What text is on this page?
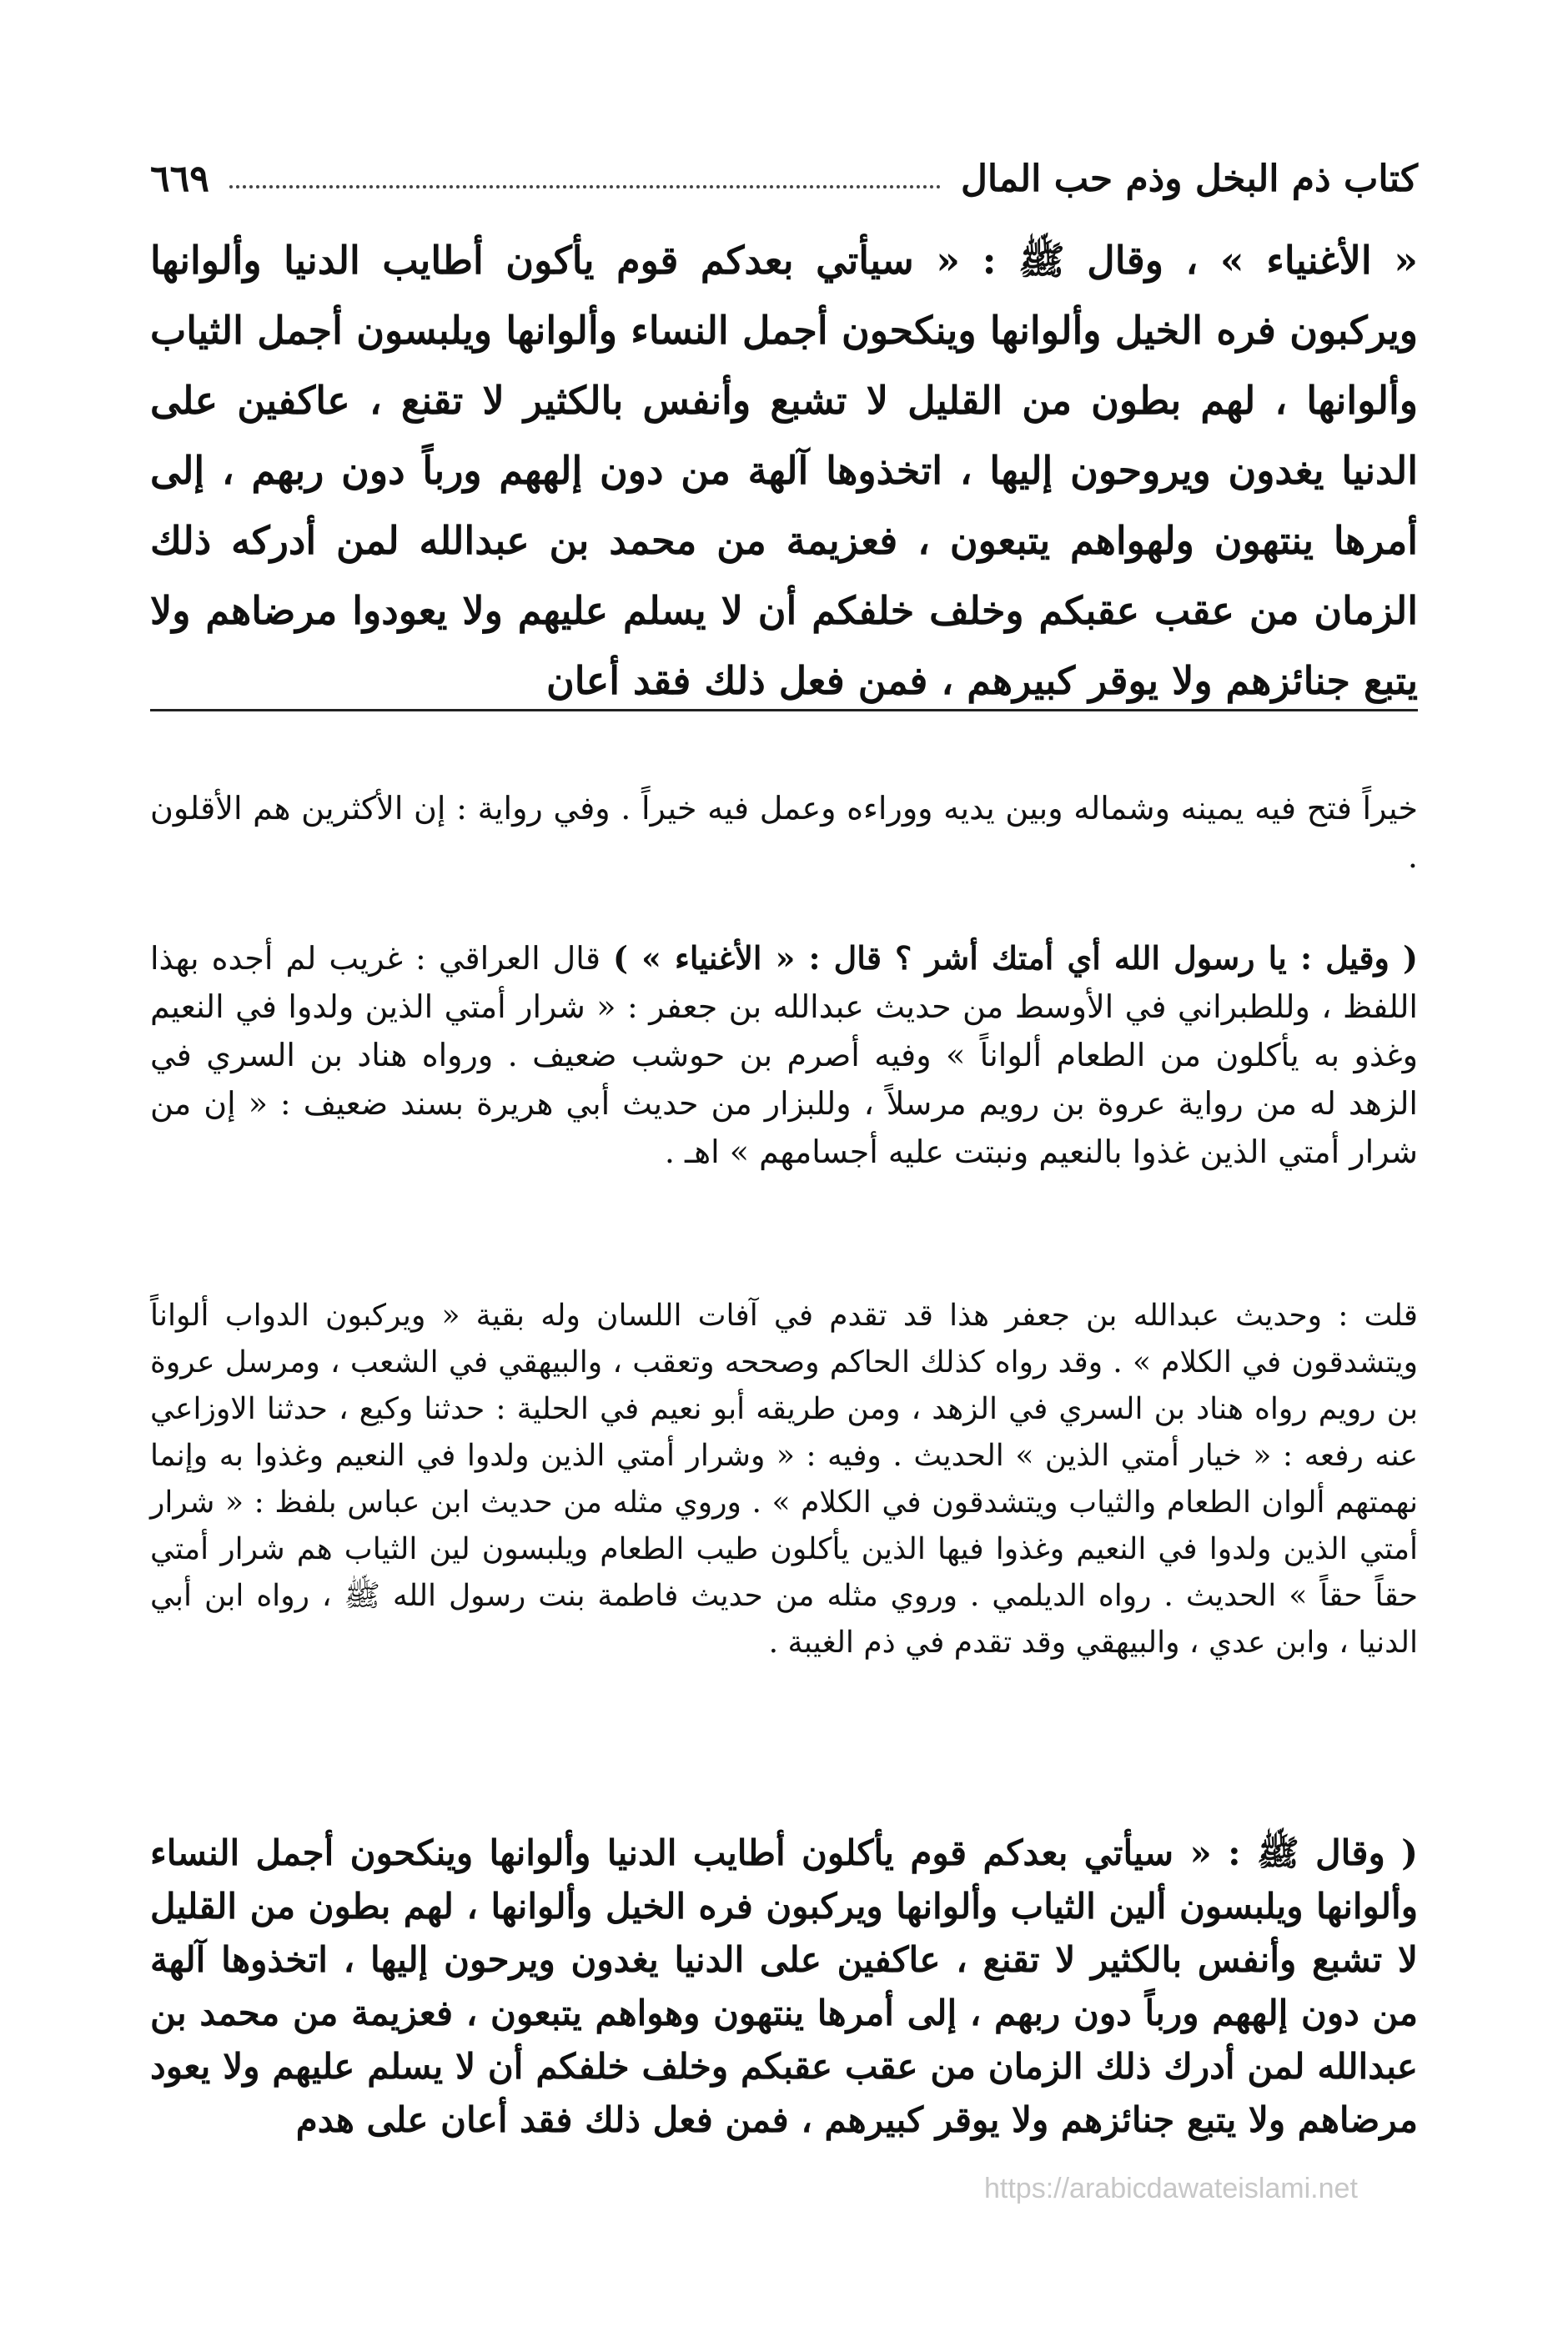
كتاب ذم البخل وذم حب المال
٦٦٩

« الأغنياء » ، وقال ﷺ : « سيأتي بعدكم قوم يأكون أطايب الدنيا وألوانها ويركبون فره الخيل وألوانها وينكحون أجمل النساء وألوانها ويلبسون أجمل الثياب وألوانها ، لهم بطون من القليل لا تشبع وأنفس بالكثير لا تقنع ، عاكفين على الدنيا يغدون ويروحون إليها ، اتخذوها آلهة من دون إلههم ورباً دون ربهم ، إلى أمرها ينتهون ولهواهم يتبعون ، فعزيمة من محمد بن عبدالله لمن أدركه ذلك الزمان من عقب عقبكم وخلف خلفكم أن لا يسلم عليهم ولا يعودوا مرضاهم ولا يتبع جنائزهم ولا يوقر كبيرهم ، فمن فعل ذلك فقد أعان

خيراً فتح فيه يمينه وشماله وبين يديه ووراءه وعمل فيه خيراً . وفي رواية : إن الأكثرين هم الأقلون .

( وقيل : يا رسول الله أي أمتك أشر ؟ قال : « الأغنياء » ) قال العراقي : غريب لم أجده بهذا اللفظ ، وللطبراني في الأوسط من حديث عبدالله بن جعفر : « شرار أمتي الذين ولدوا في النعيم وغذو به يأكلون من الطعام ألواناً » وفيه أصرم بن حوشب ضعيف . ورواه هناد بن السري في الزهد له من رواية عروة بن رويم مرسلاً ، وللبزار من حديث أبي هريرة بسند ضعيف : « إن من شرار أمتي الذين غذوا بالنعيم ونبتت عليه أجسامهم » اهـ .

قلت : وحديث عبدالله بن جعفر هذا قد تقدم في آفات اللسان وله بقية « ويركبون الدواب ألواناً ويتشدقون في الكلام » . وقد رواه كذلك الحاكم وصححه وتعقب ، والبيهقي في الشعب ، ومرسل عروة بن رويم رواه هناد بن السري في الزهد ، ومن طريقه أبو نعيم في الحلية : حدثنا وكيع ، حدثنا الاوزاعي عنه رفعه : « خيار أمتي الذين » الحديث . وفيه : « وشرار أمتي الذين ولدوا في النعيم وغذوا به وإنما نهمتهم ألوان الطعام والثياب ويتشدقون في الكلام » . وروي مثله من حديث ابن عباس بلفظ : « شرار أمتي الذين ولدوا في النعيم وغذوا فيها الذين يأكلون طيب الطعام ويلبسون لين الثياب هم شرار أمتي حقاً حقاً » الحديث . رواه الديلمي . وروي مثله من حديث فاطمة بنت رسول الله ﷺ ، رواه ابن أبي الدنيا ، وابن عدي ، والبيهقي وقد تقدم في ذم الغيبة .

( وقال ﷺ : « سيأتي بعدكم قوم يأكلون أطايب الدنيا وألوانها وينكحون أجمل النساء وألوانها ويلبسون ألين الثياب وألوانها ويركبون فره الخيل وألوانها ، لهم بطون من القليل لا تشبع وأنفس بالكثير لا تقنع ، عاكفين على الدنيا يغدون ويرحون إليها ، اتخذوها آلهة من دون إلههم ورباً دون ربهم ، إلى أمرها ينتهون وهواهم يتبعون ، فعزيمة من محمد بن عبدالله لمن أدرك ذلك الزمان من عقب عقبكم وخلف خلفكم أن لا يسلم عليهم ولا يعود مرضاهم ولا يتبع جنائزهم ولا يوقر كبيرهم ، فمن فعل ذلك فقد أعان على هدم

https://arabicdawateislami.net
